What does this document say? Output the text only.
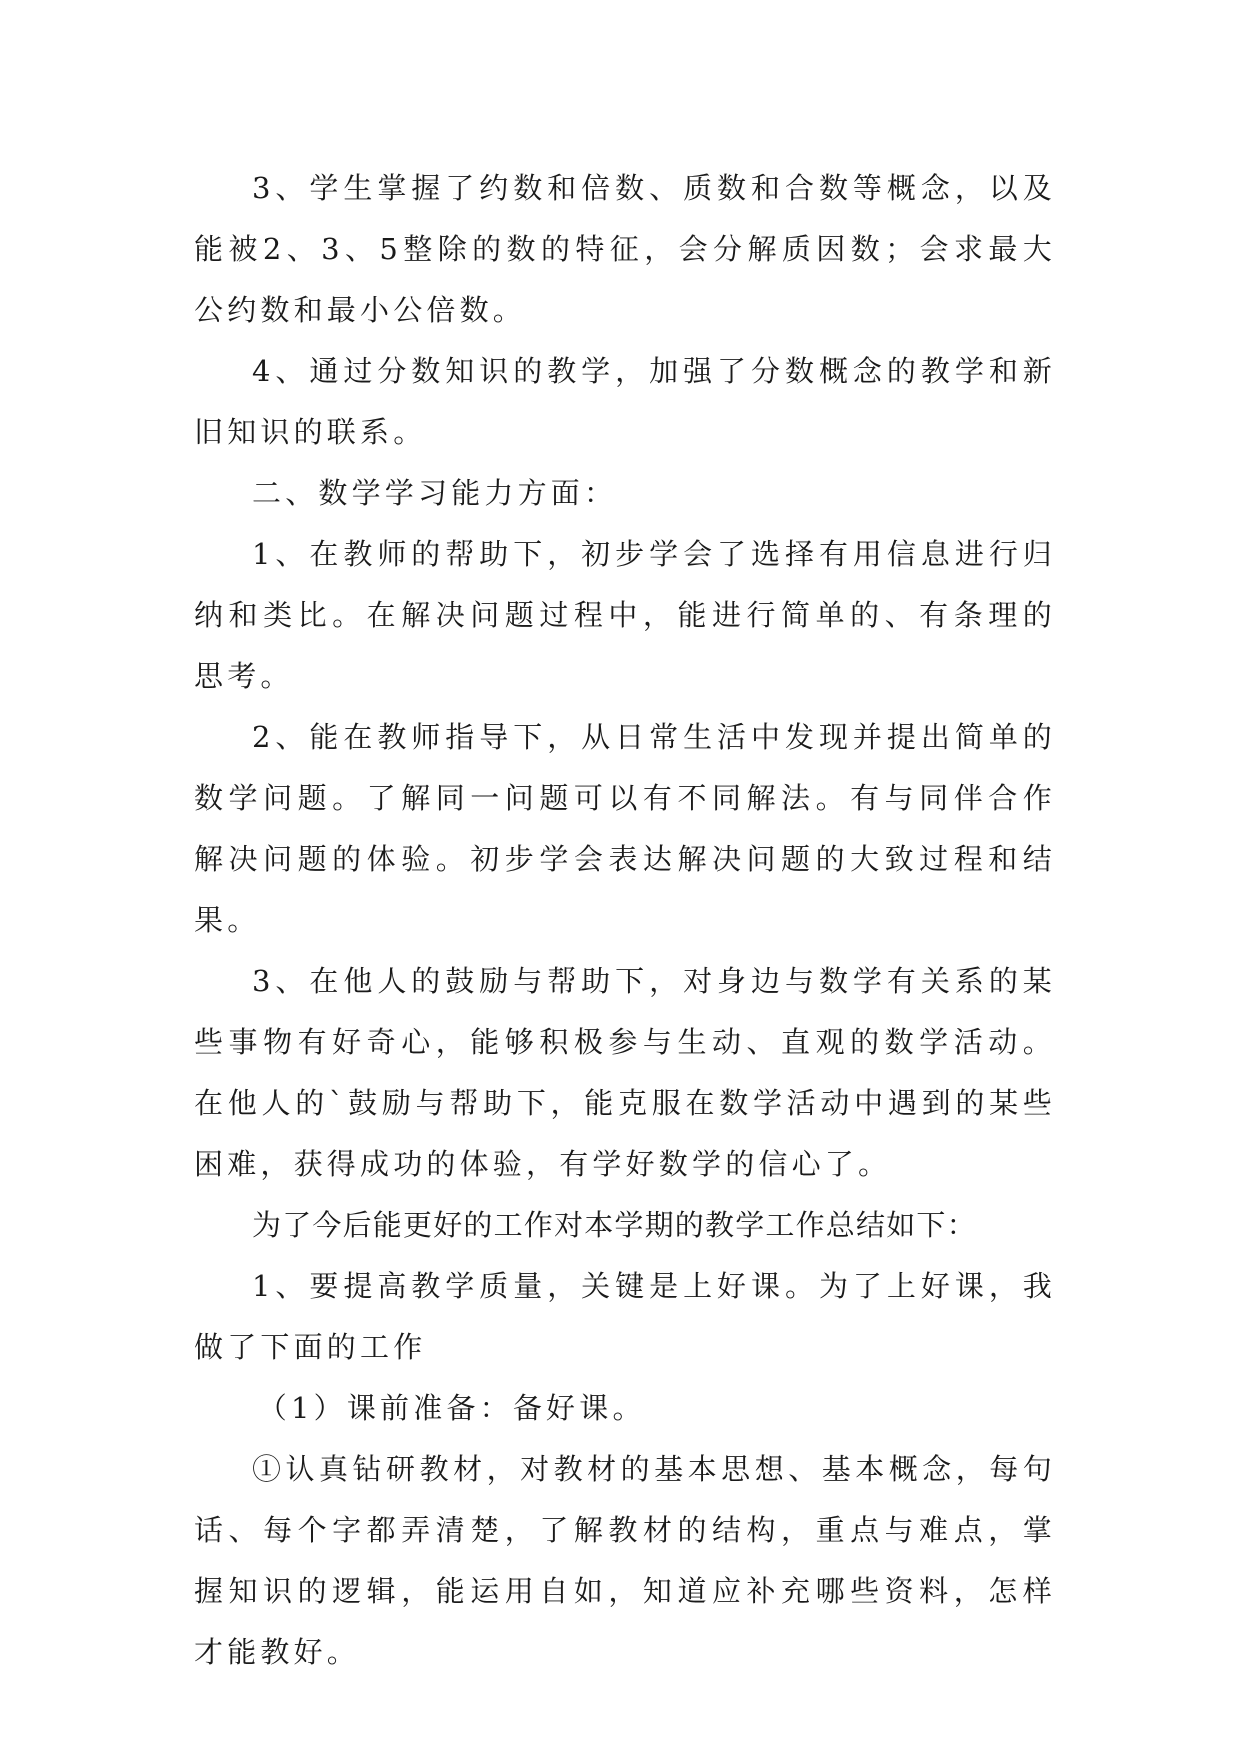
3、学生掌握了约数和倍数、质数和合数等概念，以及能被2、3、5整除的数的特征，会分解质因数；会求最大公约数和最小公倍数。

4、通过分数知识的教学，加强了分数概念的教学和新旧知识的联系。

二、数学学习能力方面：

1、在教师的帮助下，初步学会了选择有用信息进行归纳和类比。在解决问题过程中，能进行简单的、有条理的思考。

2、能在教师指导下，从日常生活中发现并提出简单的数学问题。了解同一问题可以有不同解法。有与同伴合作解决问题的体验。初步学会表达解决问题的大致过程和结果。

3、在他人的鼓励与帮助下，对身边与数学有关系的某些事物有好奇心，能够积极参与生动、直观的数学活动。在他人的`鼓励与帮助下，能克服在数学活动中遇到的某些困难，获得成功的体验，有学好数学的信心了。

为了今后能更好的工作对本学期的教学工作总结如下：

1、要提高教学质量，关键是上好课。为了上好课，我做了下面的工作

（1）课前准备：备好课。

①认真钻研教材，对教材的基本思想、基本概念，每句话、每个字都弄清楚，了解教材的结构，重点与难点，掌握知识的逻辑，能运用自如，知道应补充哪些资料，怎样才能教好。
